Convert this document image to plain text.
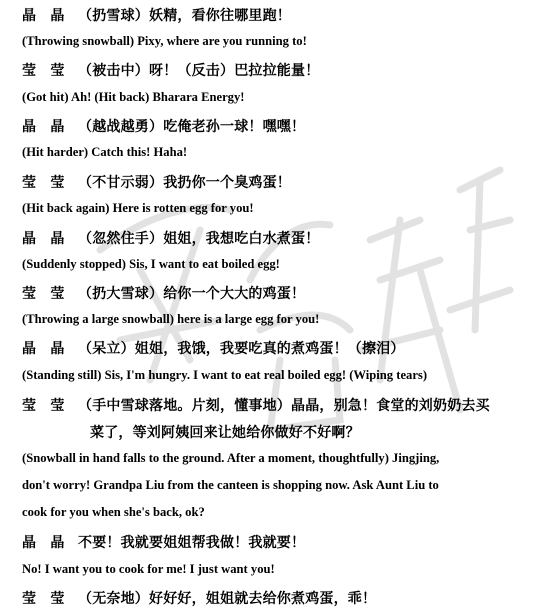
晶　晶 （扔雪球）妖精，看你往哪里跑！
(Throwing snowball) Pixy, where are you running to!
莹　莹 （被击中）呀！（反击）巴拉拉能量！
(Got hit) Ah! (Hit back) Bharara Energy!
晶　晶 （越战越勇）吃俺老孙一球！嘿嘿！
(Hit harder) Catch this! Haha!
莹　莹 （不甘示弱）我扔你一个臭鸡蛋！
(Hit back again) Here is rotten egg for you!
晶　晶 （忽然住手）姐姐，我想吃白水煮蛋！
(Suddenly stopped) Sis, I want to eat boiled egg!
莹　莹 （扔大雪球）给你一个大大的鸡蛋！
(Throwing a large snowball) here is a large egg for you!
晶　晶 （呆立）姐姐，我饿，我要吃真的煮鸡蛋！（擦泪）
(Standing still) Sis, I'm hungry. I want to eat real boiled egg! (Wiping tears)
莹　莹 （手中雪球落地。片刻，懂事地）晶晶，别急！食堂的刘奶奶去买
菜了，等刘阿姨回来让她给你做好不好啊？
(Snowball in hand falls to the ground. After a moment, thoughtfully) Jingjing,
don't worry! Grandpa Liu from the canteen is shopping now. Ask Aunt Liu to
cook for you when she's back, ok?
晶　晶 不要！我就要姐姐帮我做！我就要！
No! I want you to cook for me! I just want you!
莹　莹 （无奈地）好好好，姐姐就去给你煮鸡蛋，乖！
